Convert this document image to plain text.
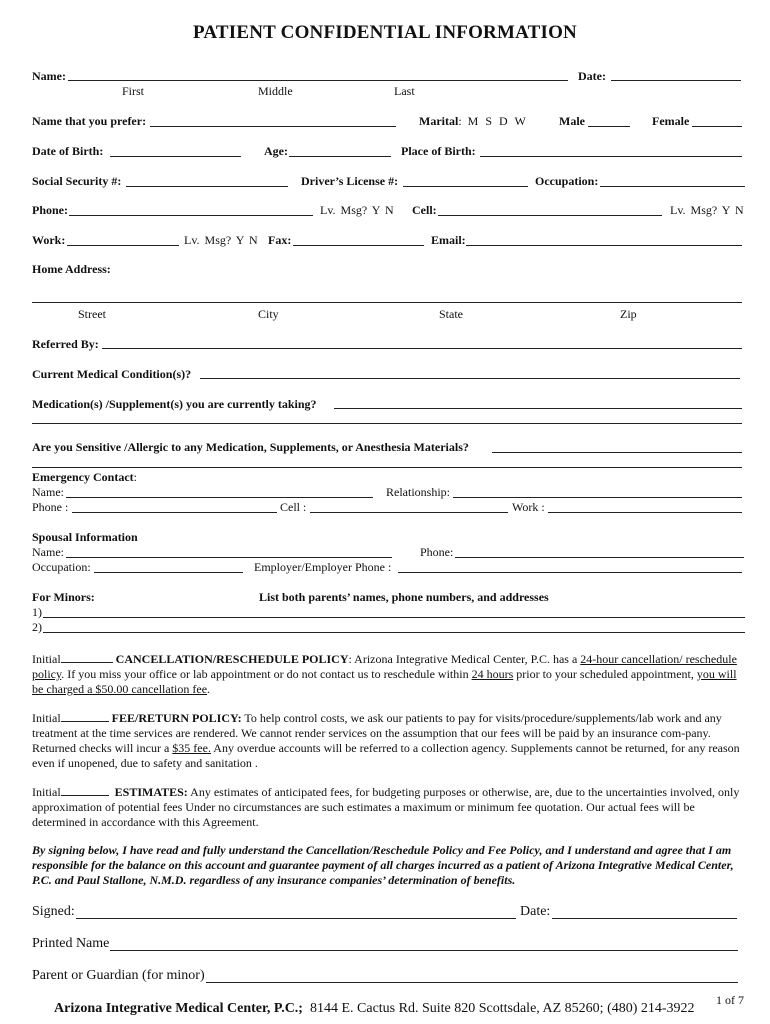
PATIENT CONFIDENTIAL INFORMATION
Name:	Date:
First	Middle	Last
Name that you prefer:	Marital:  M S D W	Male	Female
Date of Birth:	Age:	Place of Birth:
Social Security #:	Driver’s License #:	Occupation:
Phone:	Lv. Msg? Y N Cell:	Lv. Msg? Y N
Work:	Lv. Msg? Y N Fax:	Email:
Home Address:
Street	City	State	Zip
Referred By:
Current Medical Condition(s)?
Medication(s) /Supplement(s) you are currently taking?
Are you Sensitive /Allergic to any Medication, Supplements, or Anesthesia Materials?
Emergency Contact:
Name:	Relationship:
Phone :	Cell :	Work :
Spousal Information
Name:	Phone:
Occupation:	Employer/Employer Phone :
For Minors:	List both parents’ names, phone numbers, and addresses
1)
2)
Initial	CANCELLATION/RESCHEDULE POLICY: Arizona Integrative Medical Center, P.C. has a 24-hour cancellation/ reschedule policy. If you miss your office or lab appointment or do not contact us to reschedule within 24 hours prior to your scheduled appointment, you will be charged a $50.00 cancellation fee.
Initial	FEE/RETURN POLICY: To help control costs, we ask our patients to pay for visits/procedure/supplements/lab work and any treatment at the time services are rendered. We cannot render services on the assumption that our fees will be paid by an insurance com-pany. Returned checks will incur a $35 fee. Any overdue accounts will be referred to a collection agency. Supplements cannot be returned, for any reason even if unopened, due to safety and sanitation .
Initial	ESTIMATES: Any estimates of anticipated fees, for budgeting purposes or otherwise, are, due to the uncertainties involved, only approximation of potential fees Under no circumstances are such estimates a maximum or minimum fee quotation. Our actual fees will be determined in accordance with this Agreement.
By signing below, I have read and fully understand the Cancellation/Reschedule Policy and Fee Policy, and I understand and agree that I am responsible for the balance on this account and guarantee payment of all charges incurred as a patient of Arizona Integrative Medical Center, P.C. and Paul Stallone, N.M.D. regardless of any insurance companies’ determination of benefits.
Signed:	Date:
Printed Name
Parent or Guardian (for minor)
Arizona Integrative Medical Center, P.C.; 8144 E. Cactus Rd. Suite 820 Scottsdale, AZ 85260; (480) 214-3922
1 of 7
